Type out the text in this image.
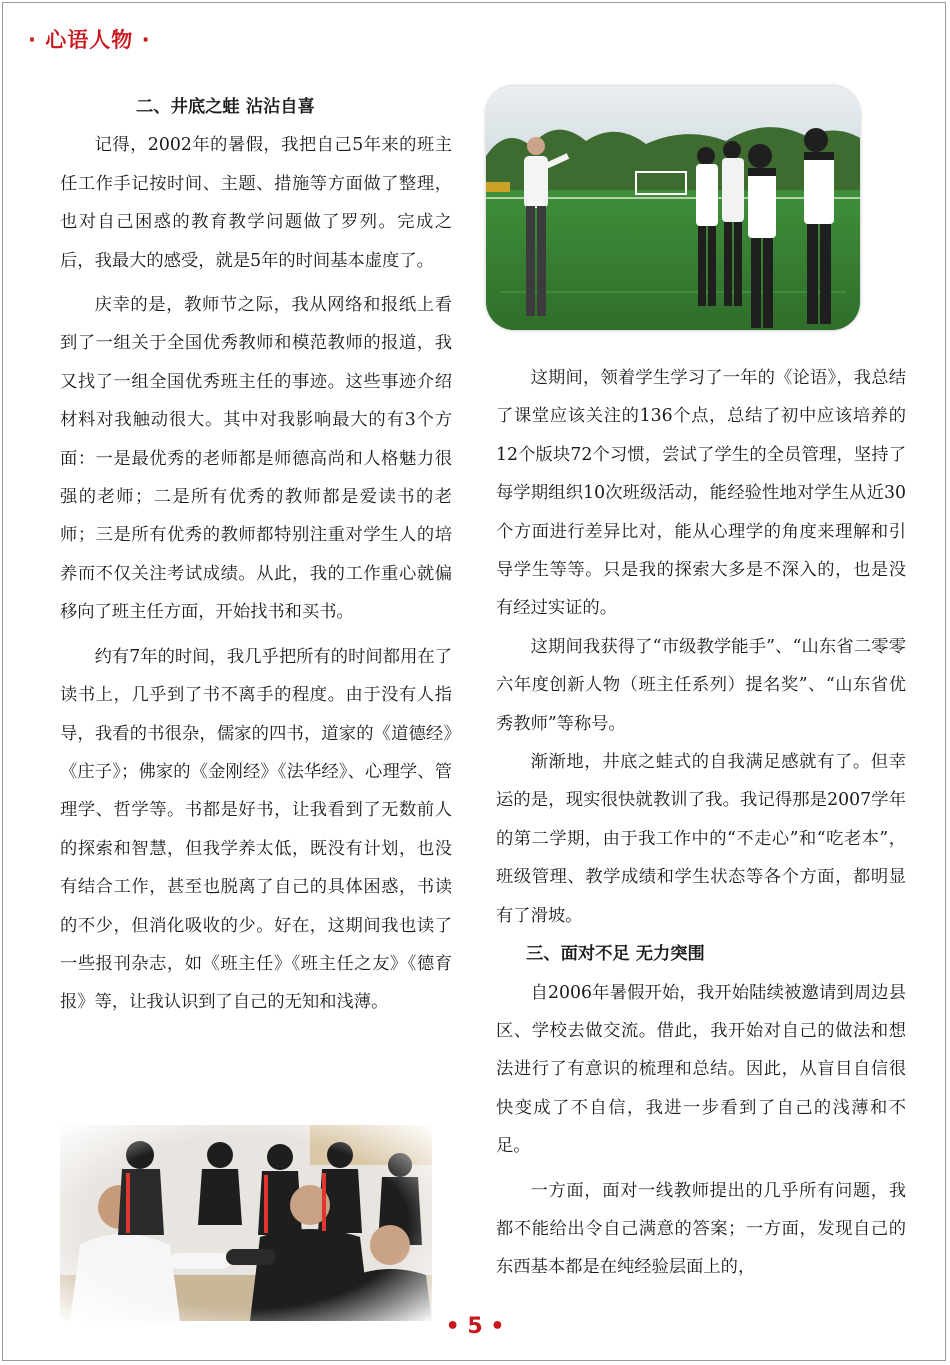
· 心语人物 ·

二、井底之蛙 沾沾自喜

记得，2002年的暑假，我把自己5年来的班主任工作手记按时间、主题、措施等方面做了整理，也对自己困惑的教育教学问题做了罗列。完成之后，我最大的感受，就是5年的时间基本虚度了。

庆幸的是，教师节之际，我从网络和报纸上看到了一组关于全国优秀教师和模范教师的报道，我又找了一组全国优秀班主任的事迹。这些事迹介绍材料对我触动很大。其中对我影响最大的有3个方面：一是最优秀的老师都是师德高尚和人格魅力很强的老师；二是所有优秀的教师都是爱读书的老师；三是所有优秀的教师都特别注重对学生人的培养而不仅关注考试成绩。从此，我的工作重心就偏移向了班主任方面，开始找书和买书。

约有7年的时间，我几乎把所有的时间都用在了读书上，几乎到了书不离手的程度。由于没有人指导，我看的书很杂，儒家的四书，道家的《道德经》《庄子》；佛家的《金刚经》《法华经》、心理学、管理学、哲学等。书都是好书，让我看到了无数前人的探索和智慧，但我学养太低，既没有计划，也没有结合工作，甚至也脱离了自己的具体困惑，书读的不少，但消化吸收的少。好在，这期间我也读了一些报刊杂志，如《班主任》《班主任之友》《德育报》等，让我认识到了自己的无知和浅薄。

这期间，领着学生学习了一年的《论语》，我总结了课堂应该关注的136个点，总结了初中应该培养的12个版块72个习惯，尝试了学生的全员管理，坚持了每学期组织10次班级活动，能经验性地对学生从近30个方面进行差异比对，能从心理学的角度来理解和引导学生等等。只是我的探索大多是不深入的，也是没有经过实证的。

这期间我获得了“市级教学能手”、“山东省二零零六年度创新人物（班主任系列）提名奖”、“山东省优秀教师”等称号。

渐渐地，井底之蛙式的自我满足感就有了。但幸运的是，现实很快就教训了我。我记得那是2007学年的第二学期，由于我工作中的“不走心”和“吃老本”，班级管理、教学成绩和学生状态等各个方面，都明显有了滑坡。

三、面对不足 无力突围

自2006年暑假开始，我开始陆续被邀请到周边县区、学校去做交流。借此，我开始对自己的做法和想法进行了有意识的梳理和总结。因此，从盲目自信很快变成了不自信，我进一步看到了自己的浅薄和不足。

一方面，面对一线教师提出的几乎所有问题，我都不能给出令自己满意的答案；一方面，发现自己的东西基本都是在纯经验层面上的，

• 5 •
